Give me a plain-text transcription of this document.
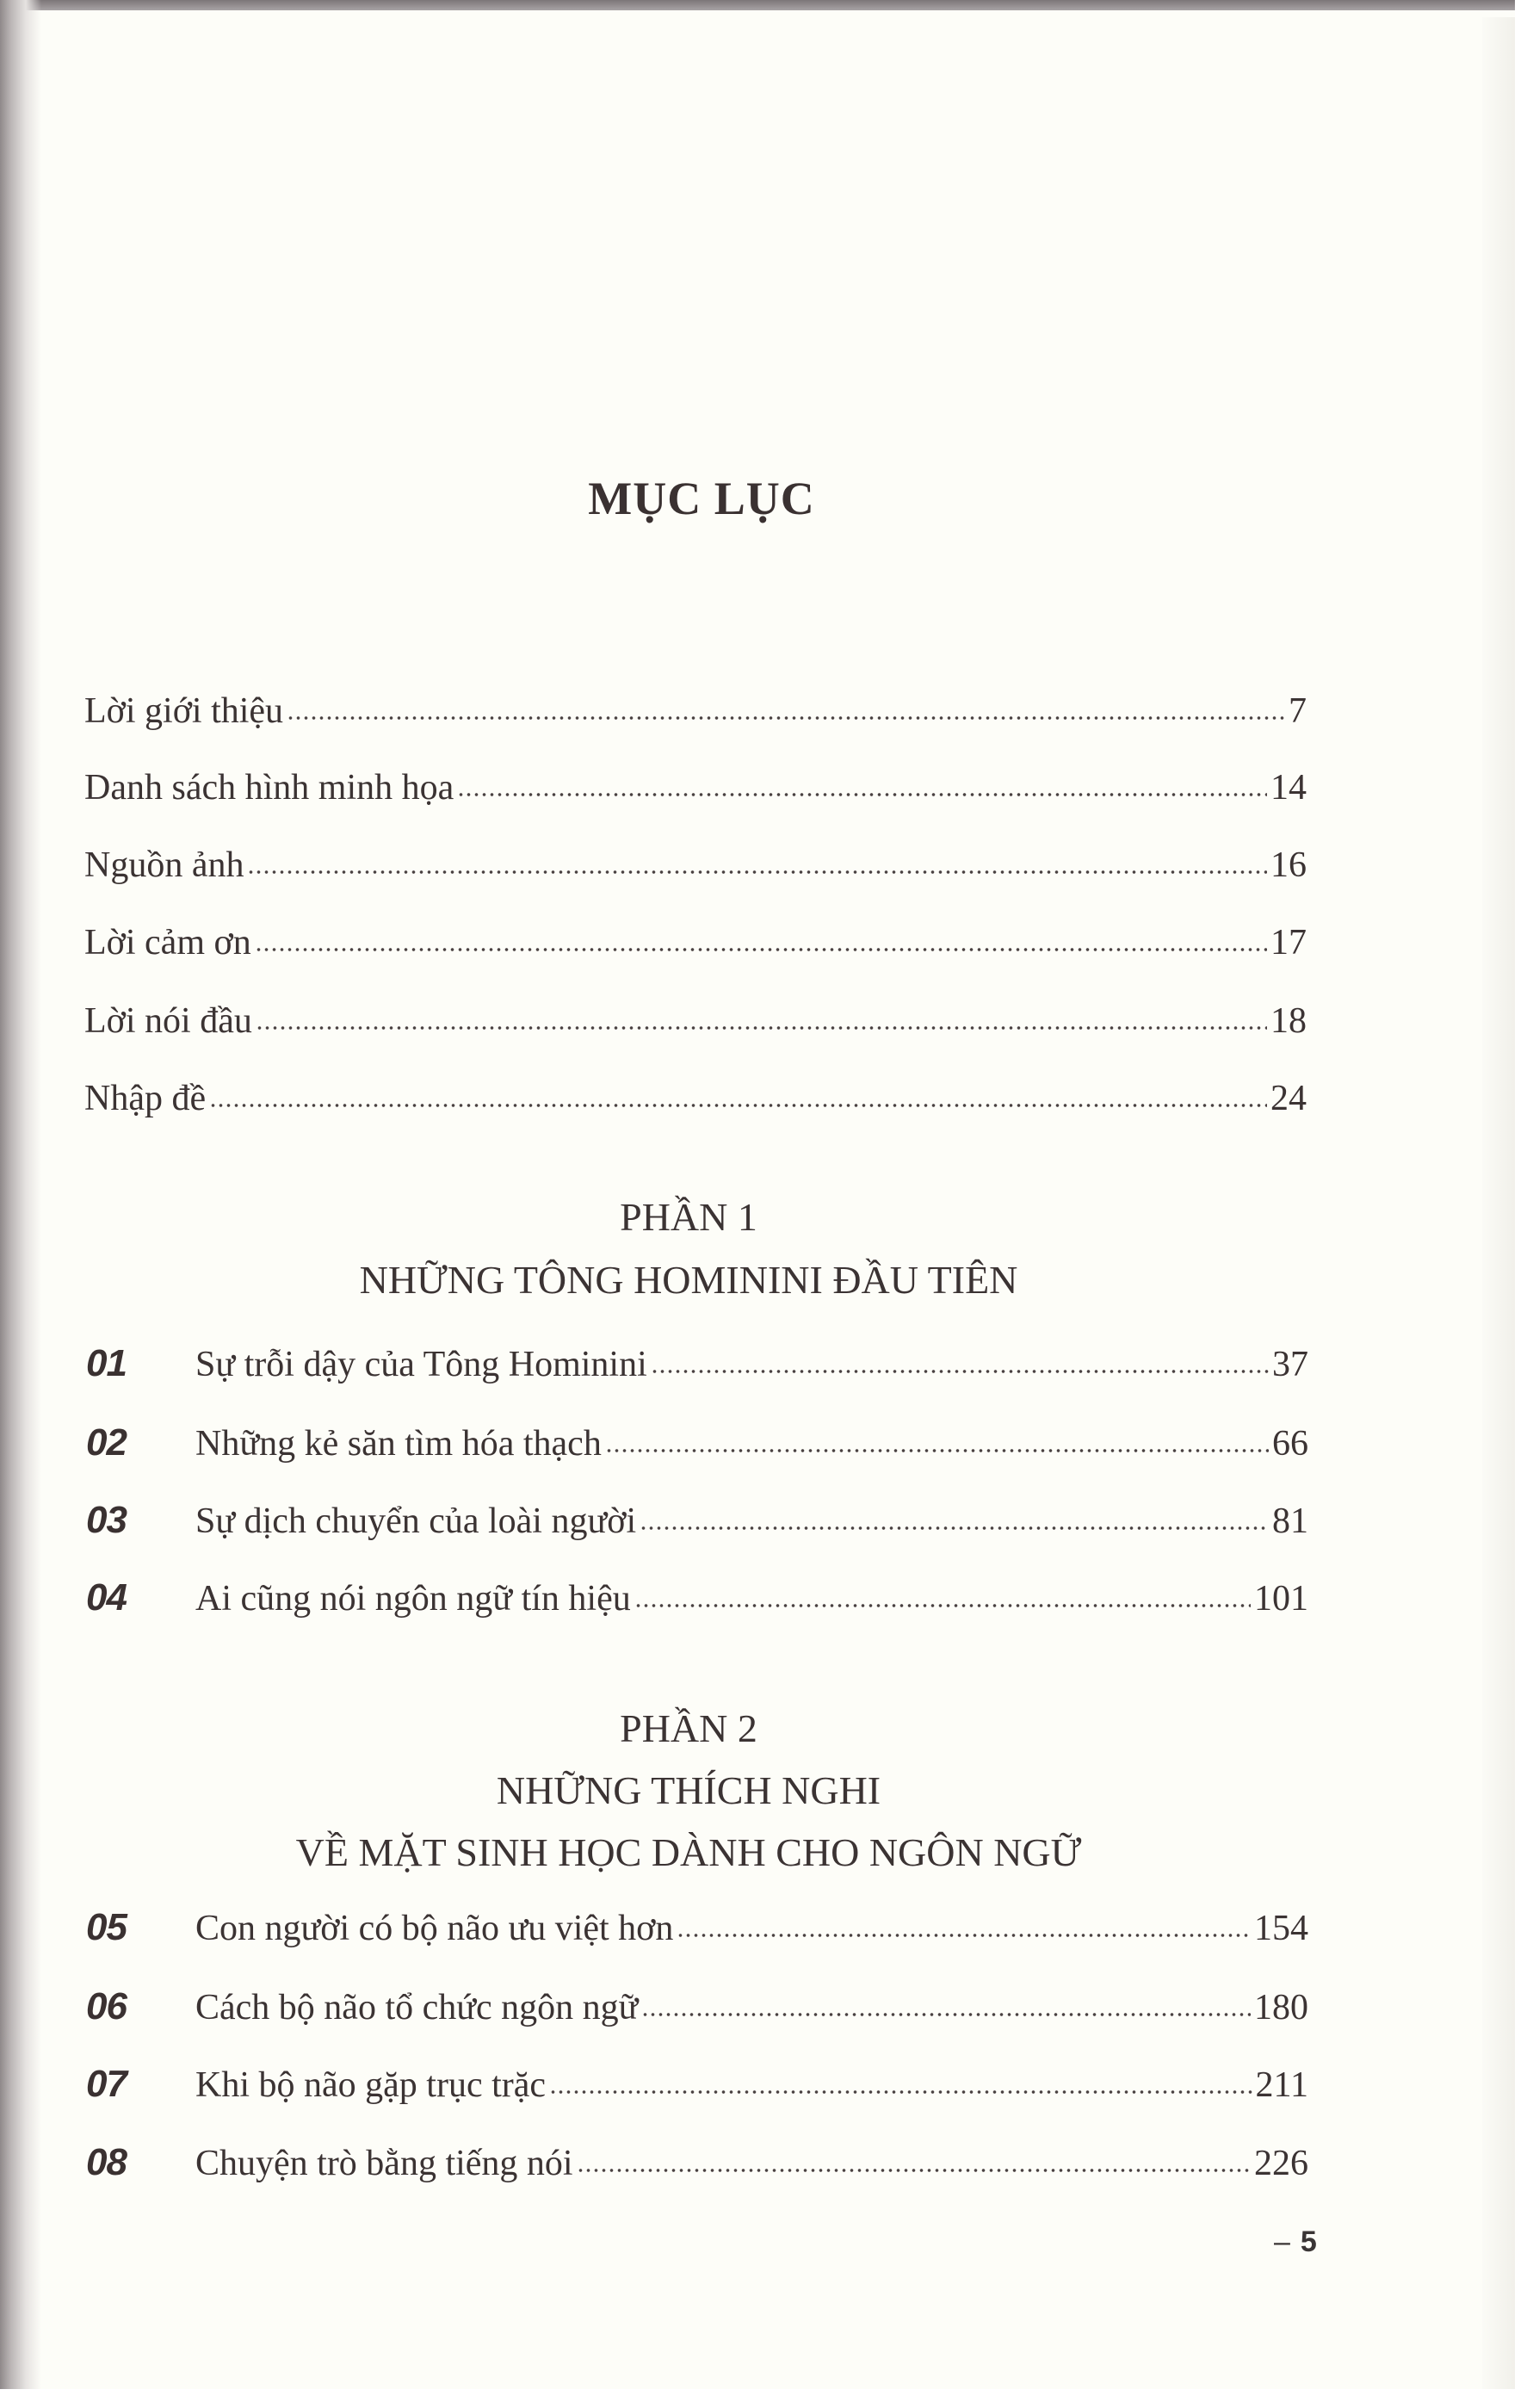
MỤC LỤC
Lời giới thiệu	7
Danh sách hình minh họa	14
Nguồn ảnh	16
Lời cảm ơn	17
Lời nói đầu	18
Nhập đề	24
PHẦN 1
NHỮNG TÔNG HOMININI ĐẦU TIÊN
01	Sự trỗi dậy của Tông Hominini	37
02	Những kẻ săn tìm hóa thạch	66
03	Sự dịch chuyển của loài người	81
04	Ai cũng nói ngôn ngữ tín hiệu	101
PHẦN 2
NHỮNG THÍCH NGHI
VỀ MẶT SINH HỌC DÀNH CHO NGÔN NGỮ
05	Con người có bộ não ưu việt hơn	154
06	Cách bộ não tổ chức ngôn ngữ	180
07	Khi bộ não gặp trục trặc	211
08	Chuyện trò bằng tiếng nói	226
– 5
